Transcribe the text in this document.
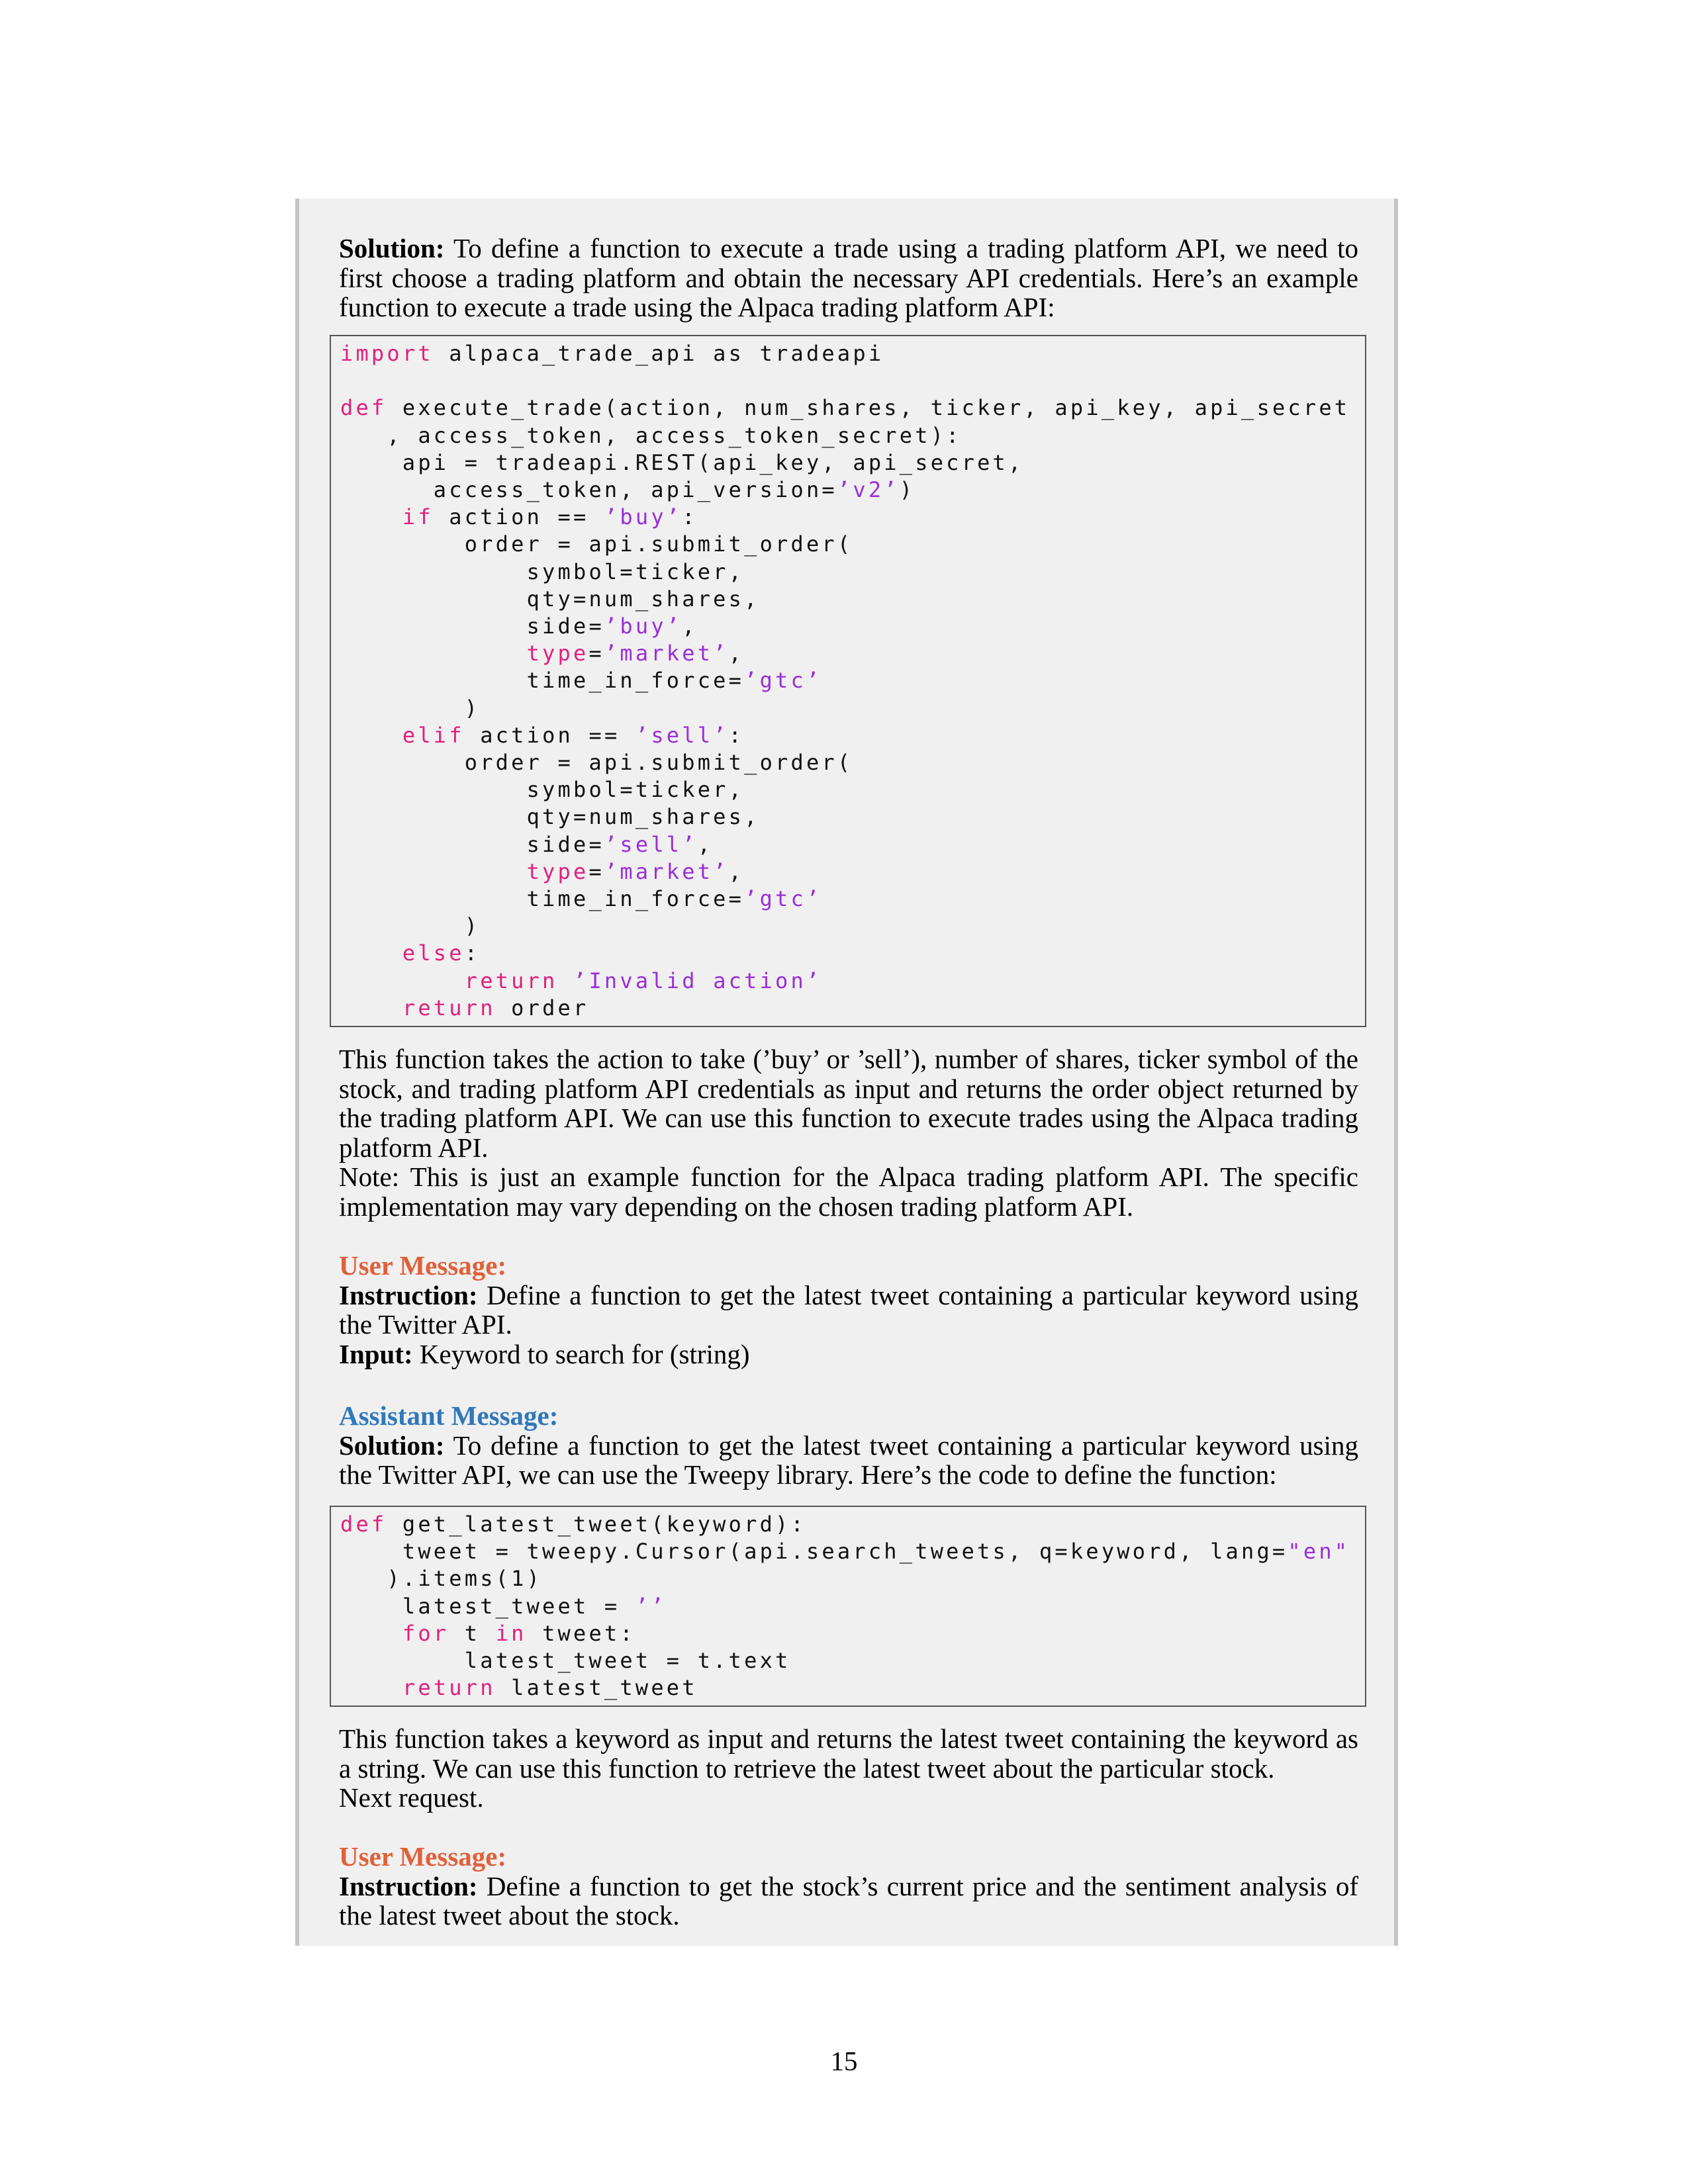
Solution: To define a function to execute a trade using a trading platform API, we need to first choose a trading platform and obtain the necessary API credentials. Here’s an example function to execute a trade using the Alpaca trading platform API:

import alpaca_trade_api as tradeapi
def execute_trade(action, num_shares, ticker, api_key, api_secret
, access_token, access_token_secret):
api = tradeapi.REST(api_key, api_secret,
access_token, api_version=’v2’)
if action == ’buy’:
order = api.submit_order(
symbol=ticker,
qty=num_shares,
side=’buy’,
type=’market’,
time_in_force=’gtc’
)
elif action == ’sell’:
order = api.submit_order(
symbol=ticker,
qty=num_shares,
side=’sell’,
type=’market’,
time_in_force=’gtc’
)
else:
return ’Invalid action’
return order

This function takes the action to take (’buy’ or ’sell’), number of shares, ticker symbol of the stock, and trading platform API credentials as input and returns the order object returned by the trading platform API. We can use this function to execute trades using the Alpaca trading platform API.

Note: This is just an example function for the Alpaca trading platform API. The specific implementation may vary depending on the chosen trading platform API.

User Message:

Instruction: Define a function to get the latest tweet containing a particular keyword using the Twitter API.

Input: Keyword to search for (string)

Assistant Message:

Solution: To define a function to get the latest tweet containing a particular keyword using the Twitter API, we can use the Tweepy library. Here’s the code to define the function:

def get_latest_tweet(keyword):
tweet = tweepy.Cursor(api.search_tweets, q=keyword, lang="en"
).items(1)
latest_tweet = ’’
for t in tweet:
latest_tweet = t.text
return latest_tweet

This function takes a keyword as input and returns the latest tweet containing the keyword as a string. We can use this function to retrieve the latest tweet about the particular stock.

Next request.

User Message:

Instruction: Define a function to get the stock’s current price and the sentiment analysis of the latest tweet about the stock.

15
